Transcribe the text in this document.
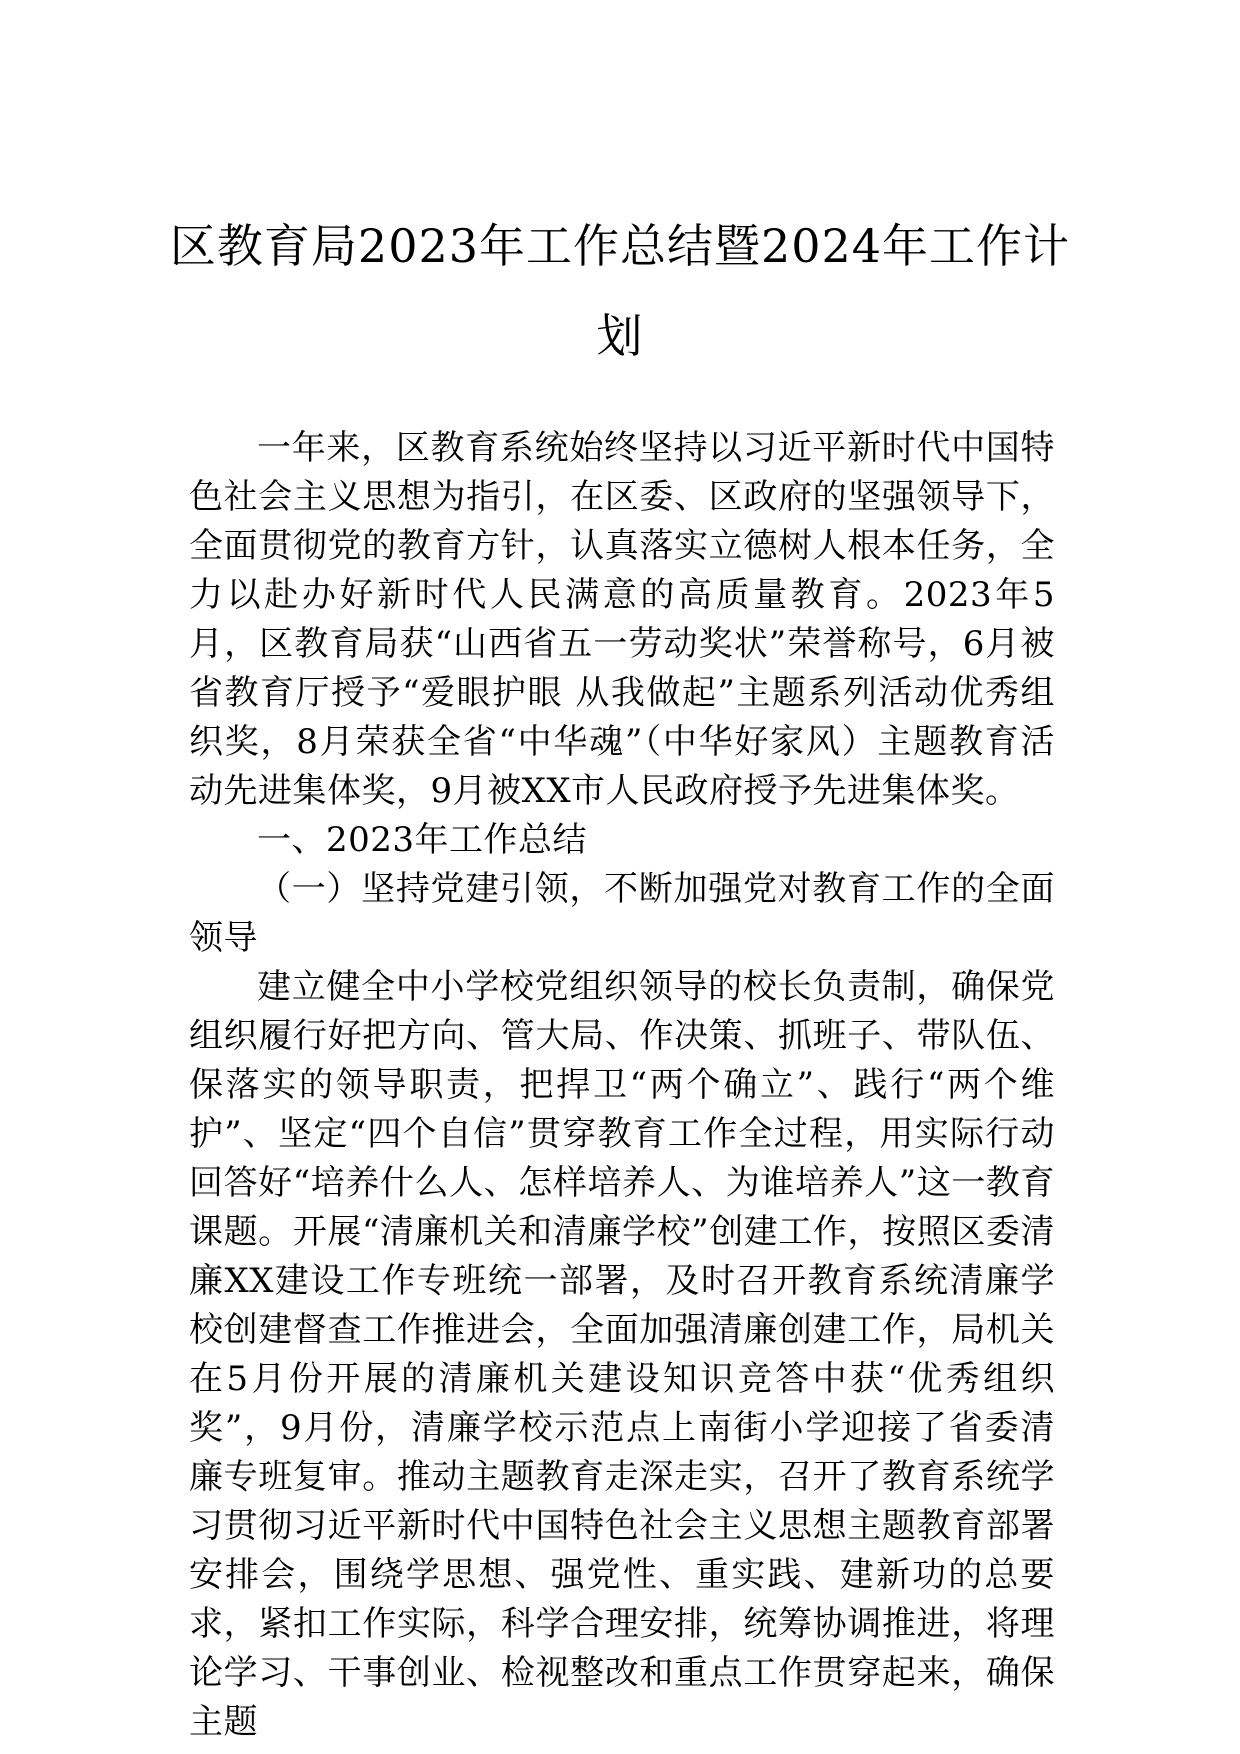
区教育局2023年工作总结暨2024年工作计
划

一年来，区教育系统始终坚持以习近平新时代中国特色社会主义思想为指引，在区委、区政府的坚强领导下，全面贯彻党的教育方针，认真落实立德树人根本任务，全力以赴办好新时代人民满意的高质量教育。2023年5月，区教育局获“山西省五一劳动奖状”荣誉称号，6月被省教育厅授予“爱眼护眼 从我做起”主题系列活动优秀组织奖，8月荣获全省“中华魂”（中华好家风）主题教育活动先进集体奖，9月被XX市人民政府授予先进集体奖。

一、2023年工作总结

（一）坚持党建引领，不断加强党对教育工作的全面领导

建立健全中小学校党组织领导的校长负责制，确保党组织履行好把方向、管大局、作决策、抓班子、带队伍、保落实的领导职责，把捍卫“两个确立”、践行“两个维护”、坚定“四个自信”贯穿教育工作全过程，用实际行动回答好“培养什么人、怎样培养人、为谁培养人”这一教育课题。开展“清廉机关和清廉学校”创建工作，按照区委清廉XX建设工作专班统一部署，及时召开教育系统清廉学校创建督查工作推进会，全面加强清廉创建工作，局机关在5月份开展的清廉机关建设知识竞答中获“优秀组织奖”，9月份，清廉学校示范点上南街小学迎接了省委清廉专班复审。推动主题教育走深走实，召开了教育系统学习贯彻习近平新时代中国特色社会主义思想主题教育部署安排会，围绕学思想、强党性、重实践、建新功的总要求，紧扣工作实际，科学合理安排，统筹协调推进，将理论学习、干事创业、检视整改和重点工作贯穿起来，确保主题
